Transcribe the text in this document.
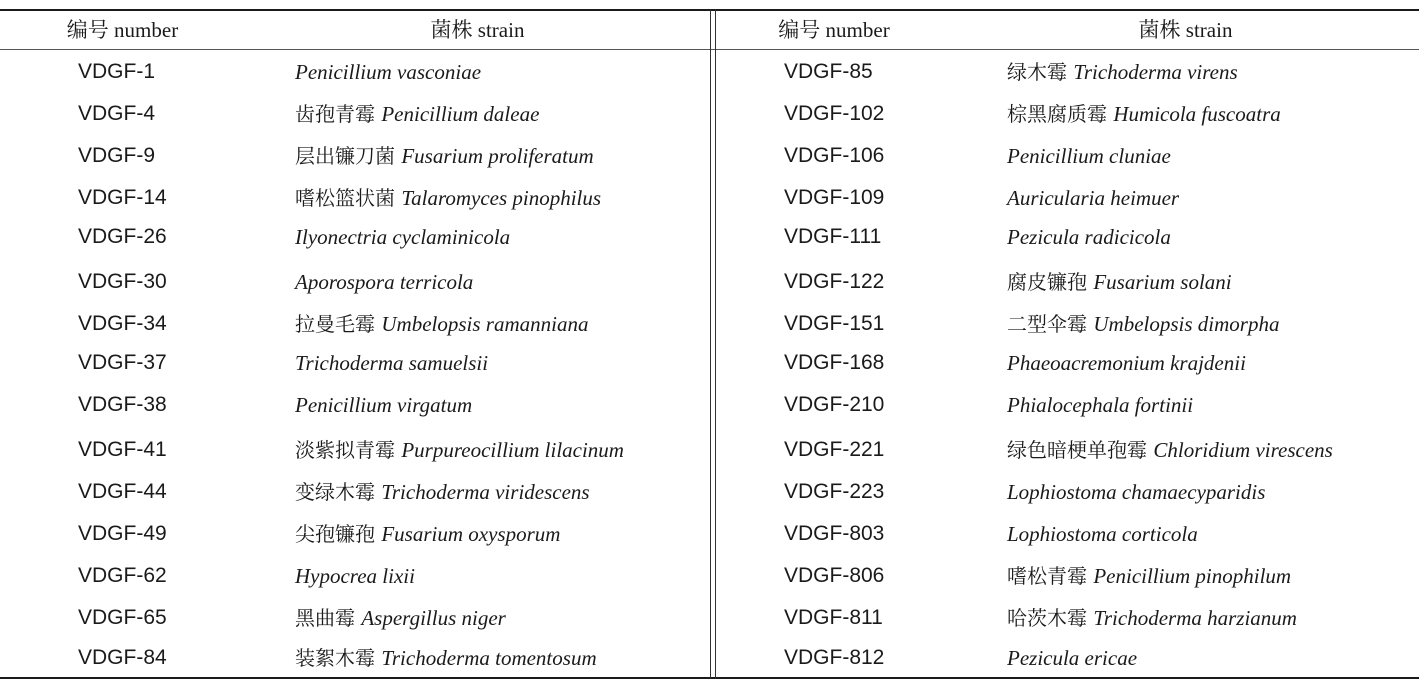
编号 number	菌株 strain	编号 number	菌株 strain
VDGF-1	Penicillium vasconiae	VDGF-85	绿木霉 Trichoderma virens
VDGF-4	齿孢青霉 Penicillium daleae	VDGF-102	棕黑腐质霉 Humicola fuscoatra
VDGF-9	层出镰刀菌 Fusarium proliferatum	VDGF-106	Penicillium cluniae
VDGF-14	嗜松篮状菌 Talaromyces pinophilus	VDGF-109	Auricularia heimuer
VDGF-26	Ilyonectria cyclaminicola	VDGF-111	Pezicula radicicola
VDGF-30	Aporospora terricola	VDGF-122	腐皮镰孢 Fusarium solani
VDGF-34	拉曼毛霉 Umbelopsis ramanniana	VDGF-151	二型伞霉 Umbelopsis dimorpha
VDGF-37	Trichoderma samuelsii	VDGF-168	Phaeoacremonium krajdenii
VDGF-38	Penicillium virgatum	VDGF-210	Phialocephala fortinii
VDGF-41	淡紫拟青霉 Purpureocillium lilacinum	VDGF-221	绿色暗梗单孢霉 Chloridium virescens
VDGF-44	变绿木霉 Trichoderma viridescens	VDGF-223	Lophiostoma chamaecyparidis
VDGF-49	尖孢镰孢 Fusarium oxysporum	VDGF-803	Lophiostoma corticola
VDGF-62	Hypocrea lixii	VDGF-806	嗜松青霉 Penicillium pinophilum
VDGF-65	黑曲霉 Aspergillus niger	VDGF-811	哈茨木霉 Trichoderma harzianum
VDGF-84	装絮木霉 Trichoderma tomentosum	VDGF-812	Pezicula ericae
